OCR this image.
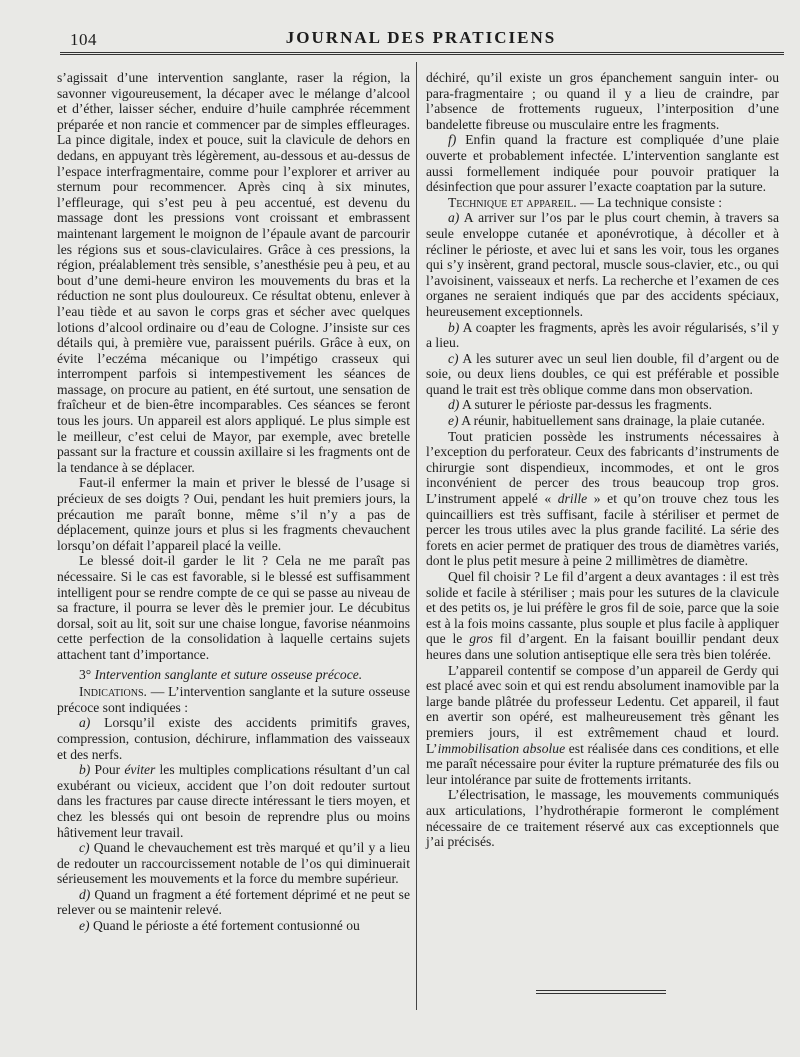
104	JOURNAL DES PRATICIENS

s’agissait d’une intervention sanglante, raser la région, la savonner vigoureusement, la décaper avec le mélange d’alcool et d’éther, laisser sécher, enduire d’huile camphrée récemment préparée et non rancie et commencer par de simples effleurages. La pince digitale, index et pouce, suit la clavicule de dehors en dedans, en appuyant très légèrement, au-dessous et au-dessus de l’espace interfragmentaire, comme pour l’explorer et arriver au sternum pour recommencer. Après cinq à six minutes, l’effleurage, qui s’est peu à peu accentué, est devenu du massage dont les pressions vont croissant et embrassent maintenant largement le moignon de l’épaule avant de parcourir les régions sus et sous-claviculaires. Grâce à ces pressions, la région, préalablement très sensible, s’anesthésie peu à peu, et au bout d’une demi-heure environ les mouvements du bras et la réduction ne sont plus douloureux. Ce résultat obtenu, enlever à l’eau tiède et au savon le corps gras et sécher avec quelques lotions d’alcool ordinaire ou d’eau de Cologne. J’insiste sur ces détails qui, à première vue, paraissent puérils. Grâce à eux, on évite l’eczéma mécanique ou l’impétigo crasseux qui interrompent parfois si intempestivement les séances de massage, on procure au patient, en été surtout, une sensation de fraîcheur et de bien-être incomparables. Ces séances se feront tous les jours. Un appareil est alors appliqué. Le plus simple est le meilleur, c’est celui de Mayor, par exemple, avec bretelle passant sur la fracture et coussin axillaire si les fragments ont de la tendance à se déplacer.

Faut-il enfermer la main et priver le blessé de l’usage si précieux de ses doigts ? Oui, pendant les huit premiers jours, la précaution me paraît bonne, même s’il n’y a pas de déplacement, quinze jours et plus si les fragments chevauchent lorsqu’on défait l’appareil placé la veille.

Le blessé doit-il garder le lit ? Cela ne me paraît pas nécessaire. Si le cas est favorable, si le blessé est suffisamment intelligent pour se rendre compte de ce qui se passe au niveau de sa fracture, il pourra se lever dès le premier jour. Le décubitus dorsal, soit au lit, soit sur une chaise longue, favorise néanmoins cette perfection de la consolidation à laquelle certains sujets attachent tant d’importance.

3° Intervention sanglante et suture osseuse précoce.

Indications. — L’intervention sanglante et la suture osseuse précoce sont indiquées :

a) Lorsqu’il existe des accidents primitifs graves, compression, contusion, déchirure, inflammation des vaisseaux et des nerfs.

b) Pour éviter les multiples complications résultant d’un cal exubérant ou vicieux, accident que l’on doit redouter surtout dans les fractures par cause directe intéressant le tiers moyen, et chez les blessés qui ont besoin de reprendre plus ou moins hâtivement leur travail.

c) Quand le chevauchement est très marqué et qu’il y a lieu de redouter un raccourcissement notable de l’os qui diminuerait sérieusement les mouvements et la force du membre supérieur.

d) Quand un fragment a été fortement déprimé et ne peut se relever ou se maintenir relevé.

e) Quand le périoste a été fortement contusionné ou

déchiré, qu’il existe un gros épanchement sanguin inter- ou para-fragmentaire ; ou quand il y a lieu de craindre, par l’absence de frottements rugueux, l’interposition d’une bandelette fibreuse ou musculaire entre les fragments.

f) Enfin quand la fracture est compliquée d’une plaie ouverte et probablement infectée. L’intervention sanglante est aussi formellement indiquée pour pouvoir pratiquer la désinfection que pour assurer l’exacte coaptation par la suture.

Technique et appareil. — La technique consiste :

a) A arriver sur l’os par le plus court chemin, à travers sa seule enveloppe cutanée et aponévrotique, à décoller et à récliner le périoste, et avec lui et sans les voir, tous les organes qui s’y insèrent, grand pectoral, muscle sous-clavier, etc., ou qui l’avoisinent, vaisseaux et nerfs. La recherche et l’examen de ces organes ne seraient indiqués que par des accidents spéciaux, heureusement exceptionnels.

b) A coapter les fragments, après les avoir régularisés, s’il y a lieu.

c) A les suturer avec un seul lien double, fil d’argent ou de soie, ou deux liens doubles, ce qui est préférable et possible quand le trait est très oblique comme dans mon observation.

d) A suturer le périoste par-dessus les fragments.

e) A réunir, habituellement sans drainage, la plaie cutanée.

Tout praticien possède les instruments nécessaires à l’exception du perforateur. Ceux des fabricants d’instruments de chirurgie sont dispendieux, incommodes, et ont le gros inconvénient de percer des trous beaucoup trop gros. L’instrument appelé « drille » et qu’on trouve chez tous les quincailliers est très suffisant, facile à stériliser et permet de percer les trous utiles avec la plus grande facilité. La série des forets en acier permet de pratiquer des trous de diamètres variés, dont le plus petit mesure à peine 2 millimètres de diamètre.

Quel fil choisir ? Le fil d’argent a deux avantages : il est très solide et facile à stériliser ; mais pour les sutures de la clavicule et des petits os, je lui préfère le gros fil de soie, parce que la soie est à la fois moins cassante, plus souple et plus facile à appliquer que le gros fil d’argent. En la faisant bouillir pendant deux heures dans une solution antiseptique elle sera très bien tolérée.

L’appareil contentif se compose d’un appareil de Gerdy qui est placé avec soin et qui est rendu absolument inamovible par la large bande plâtrée du professeur Ledentu. Cet appareil, il faut en avertir son opéré, est malheureusement très gênant les premiers jours, il est extrêmement chaud et lourd. L’immobilisation absolue est réalisée dans ces conditions, et elle me paraît nécessaire pour éviter la rupture prématurée des fils ou leur intolérance par suite de frottements irritants.

L’électrisation, le massage, les mouvements communiqués aux articulations, l’hydrothérapie formeront le complément nécessaire de ce traitement réservé aux cas exceptionnels que j’ai précisés.
